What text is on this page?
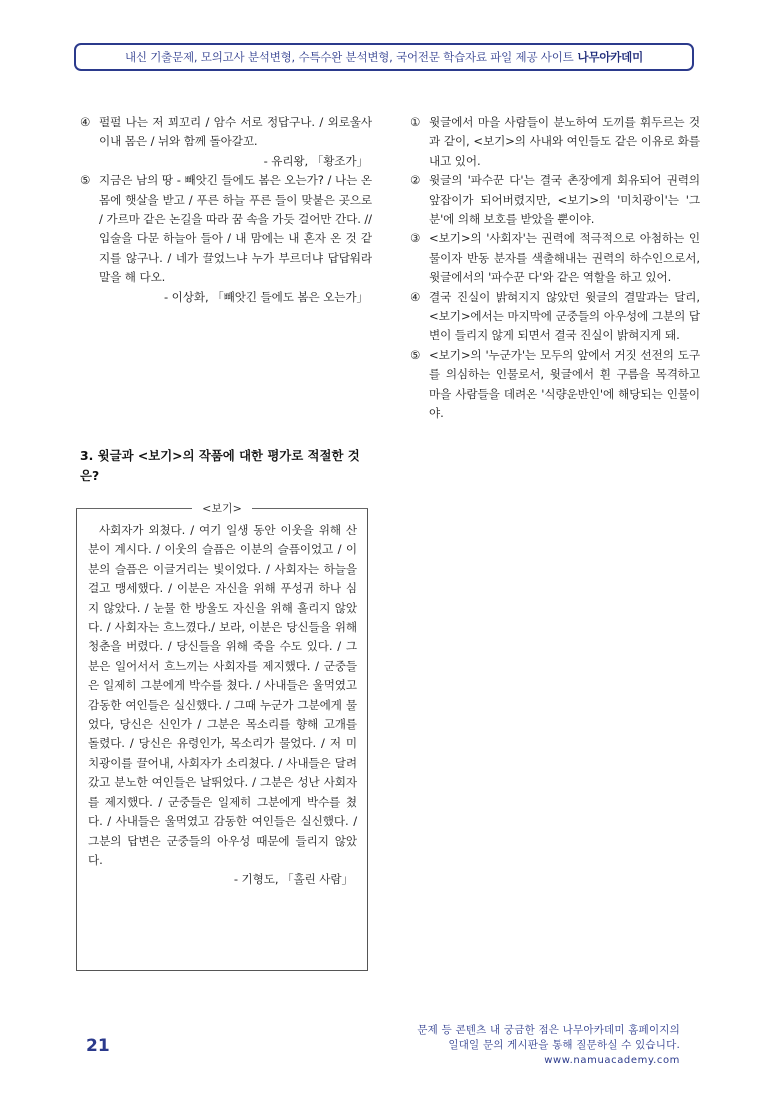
내신 기출문제, 모의고사 분석변형, 수특수완 분석변형, 국어전문 학습자료 파일 제공 사이트 나무아카데미
④ 펄펄 나는 저 꾀꼬리 / 암수 서로 정답구나. / 외로울사 이내 몸은 / 뉘와 함께 돌아갈꼬.
- 유리왕, 「황조가」
⑤ 지금은 남의 땅 - 빼앗긴 들에도 봄은 오는가? / 나는 온 몸에 햇살을 받고 / 푸른 하늘 푸른 들이 맞붙은 곳으로 / 가르마 같은 논길을 따라 꿈 속을 가듯 걸어만 간다. // 입술을 다문 하늘아 들아 / 내 맘에는 내 혼자 온 것 같지를 않구나. / 네가 끌었느냐 누가 부르더냐 답답워라 말을 해 다오.
- 이상화, 「빼앗긴 들에도 봄은 오는가」
3. 윗글과 <보기>의 작품에 대한 평가로 적절한 것은?
<보기>
사회자가 외쳤다. / 여기 일생 동안 이웃을 위해 산 분이 계시다. / 이웃의 슬픔은 이분의 슬픔이었고 / 이분의 슬픔은 이글거리는 빛이었다. / 사회자는 하늘을 걸고 맹세했다. / 이분은 자신을 위해 푸성귀 하나 심지 않았다. / 눈물 한 방울도 자신을 위해 흘리지 않았다. / 사회자는 흐느꼈다./ 보라, 이분은 당신들을 위해 청춘을 버렸다. / 당신들을 위해 죽을 수도 있다. / 그분은 일어서서 흐느끼는 사회자를 제지했다. / 군중들은 일제히 그분에게 박수를 쳤다. / 사내들은 울먹였고 감동한 여인들은 실신했다. / 그때 누군가 그분에게 물었다, 당신은 신인가 / 그분은 목소리를 향해 고개를 돌렸다. / 당신은 유령인가, 목소리가 물었다. / 저 미치광이를 끌어내, 사회자가 소리쳤다. / 사내들은 달려갔고 분노한 여인들은 날뛰었다. / 그분은 성난 사회자를 제지했다. / 군중들은 일제히 그분에게 박수를 쳤다. / 사내들은 울먹였고 감동한 여인들은 실신했다. / 그분의 답변은 군중들의 아우성 때문에 들리지 않았다.
- 기형도, 「홀린 사람」
① 윗글에서 마을 사람들이 분노하여 도끼를 휘두르는 것과 같이, <보기>의 사내와 여인들도 같은 이유로 화를 내고 있어.
② 윗글의 '파수꾼 다'는 결국 촌장에게 회유되어 권력의 앞잡이가 되어버렸지만, <보기>의 '미치광이'는 '그분'에 의해 보호를 받았을 뿐이야.
③ <보기>의 '사회자'는 권력에 적극적으로 아첨하는 인물이자 반동 분자를 색출해내는 권력의 하수인으로서, 윗글에서의 '파수꾼 다'와 같은 역할을 하고 있어.
④ 결국 진실이 밝혀지지 않았던 윗글의 결말과는 달리, <보기>에서는 마지막에 군중들의 아우성에 그분의 답변이 들리지 않게 되면서 결국 진실이 밝혀지게 돼.
⑤ <보기>의 '누군가'는 모두의 앞에서 거짓 선전의 도구를 의심하는 인물로서, 윗글에서 흰 구름을 목격하고 마을 사람들을 데려온 '식량운반인'에 해당되는 인물이야.
21
문제 등 콘텐츠 내 궁금한 점은 나무아카데미 홈페이지의
일대일 문의 게시판을 통해 질문하실 수 있습니다.
www.namuacademy.com
